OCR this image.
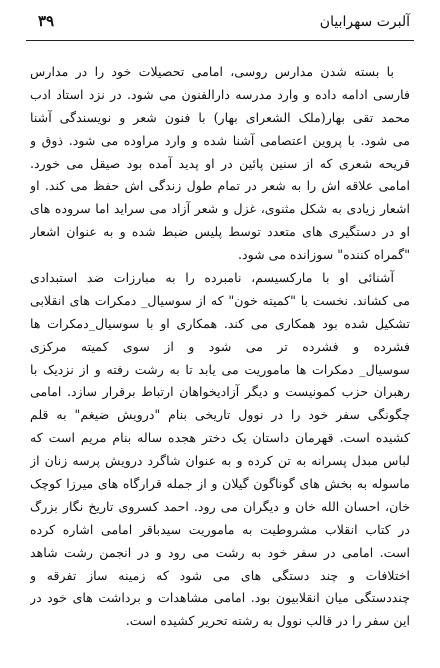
آلبرت سهرابیان
۳۹
با بسته شدن مدارس روسی، امامی تحصیلات خود را در مدارس
فارسی ادامه داده و وارد مدرسه دارالفنون می شود. در نزد استاد ادب
محمد تقی بهار(ملک الشعرای بهار) با فنون شعر و نویسندگی آشنا
می شود. با پروین اعتصامی آشنا شده و وارد مراوده می شود. ذوق و
قریحه شعری که از سنین پائین در او پدید آمده بود صیقل می خورد.
امامی علاقه اش را به شعر در تمام طول زندگی اش حفظ می کند. او
اشعار زیادی به شکل مثنوی، غزل و شعر آزاد می سراید اما سروده های
او در دستگیری های متعدد توسط پلیس ضبط شده و به عنوان اشعار
"گمراه کننده" سوزانده می شود.
آشنائی او با مارکسیسم، نامبرده را به مبارزات ضد استبدادی
می کشاند. نخست با "کمیته خون" که از سوسیال_ دمکرات های انقلابی
تشکیل شده بود همکاری می کند. همکاری او با سوسیال_دمکرات ها
فشرده و فشرده تر می شود و از سوی کمیته مرکزی
سوسیال_ دمکرات ها ماموریت می یابد تا به رشت رفته و از نزدیک با
رهبران حزب کمونیست و دیگر آزادیخواهان ارتباط برقرار سازد. امامی
چگونگی سفر خود را در نوول تاریخی بنام "درویش ضیغم" به قلم
کشیده است. قهرمان داستان یک دختر هجده ساله بنام مریم است که
لباس مبدل پسرانه به تن کرده و به عنوان شاگرد درویش پرسه زنان از
ماسوله به بخش های گوناگون گیلان و از جمله قرارگاه های میرزا کوچک
خان، احسان الله خان و دیگران می رود. احمد کسروی تاریخ نگار بزرگ
در کتاب انقلاب مشروطیت به ماموریت سیدباقر امامی اشاره کرده
است. امامی در سفر خود به رشت می رود و در انجمن رشت شاهد
اختلافات و چند دستگی های می شود که زمینه ساز تفرقه و
چنددستگی میان انقلابیون بود. امامی مشاهدات و برداشت های خود در
این سفر را در قالب نوول به رشته تحریر کشیده است.
